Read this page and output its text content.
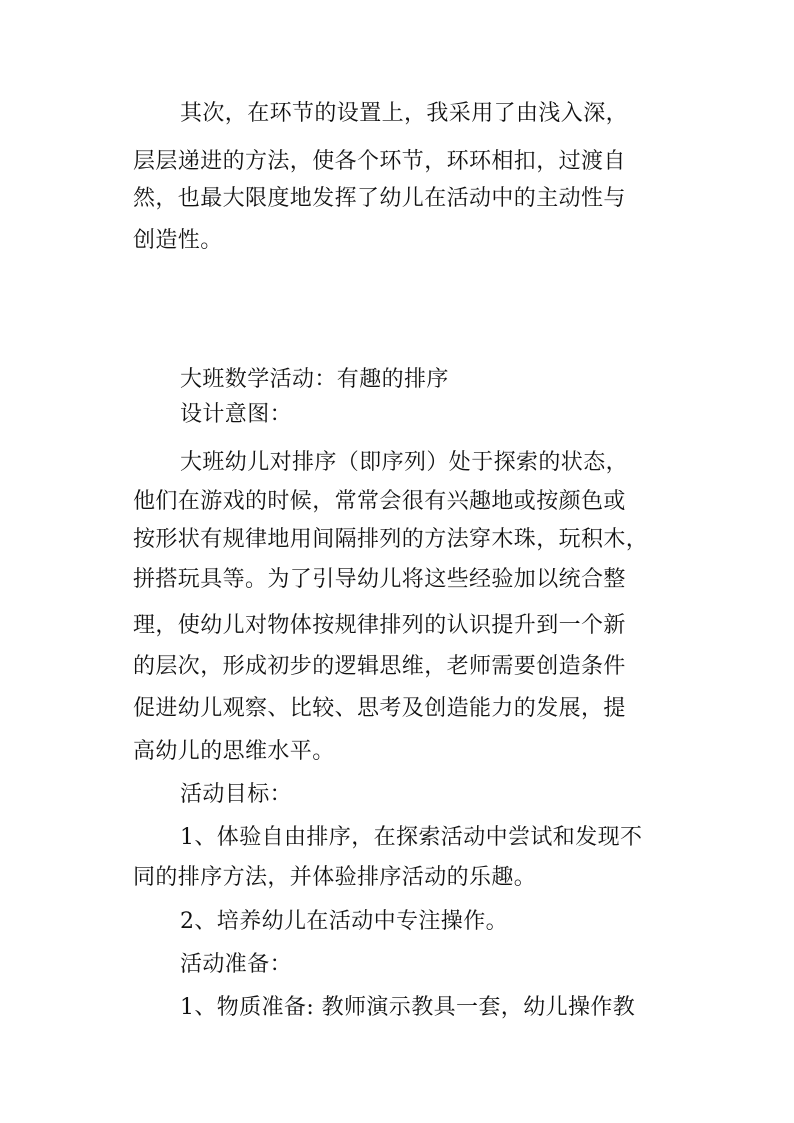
其次，在环节的设置上，我采用了由浅入深，
层层递进的方法，使各个环节，环环相扣，过渡自
然，也最大限度地发挥了幼儿在活动中的主动性与
创造性。
大班数学活动：有趣的排序
设计意图：
大班幼儿对排序（即序列）处于探索的状态，
他们在游戏的时候，常常会很有兴趣地或按颜色或
按形状有规律地用间隔排列的方法穿木珠，玩积木，
拼搭玩具等。为了引导幼儿将这些经验加以统合整
理，使幼儿对物体按规律排列的认识提升到一个新
的层次，形成初步的逻辑思维，老师需要创造条件
促进幼儿观察、比较、思考及创造能力的发展，提
高幼儿的思维水平。
活动目标：
1、体验自由排序，在探索活动中尝试和发现不
同的排序方法，并体验排序活动的乐趣。
2、培养幼儿在活动中专注操作。
活动准备：
1、物质准备: 教师演示教具一套，幼儿操作教
